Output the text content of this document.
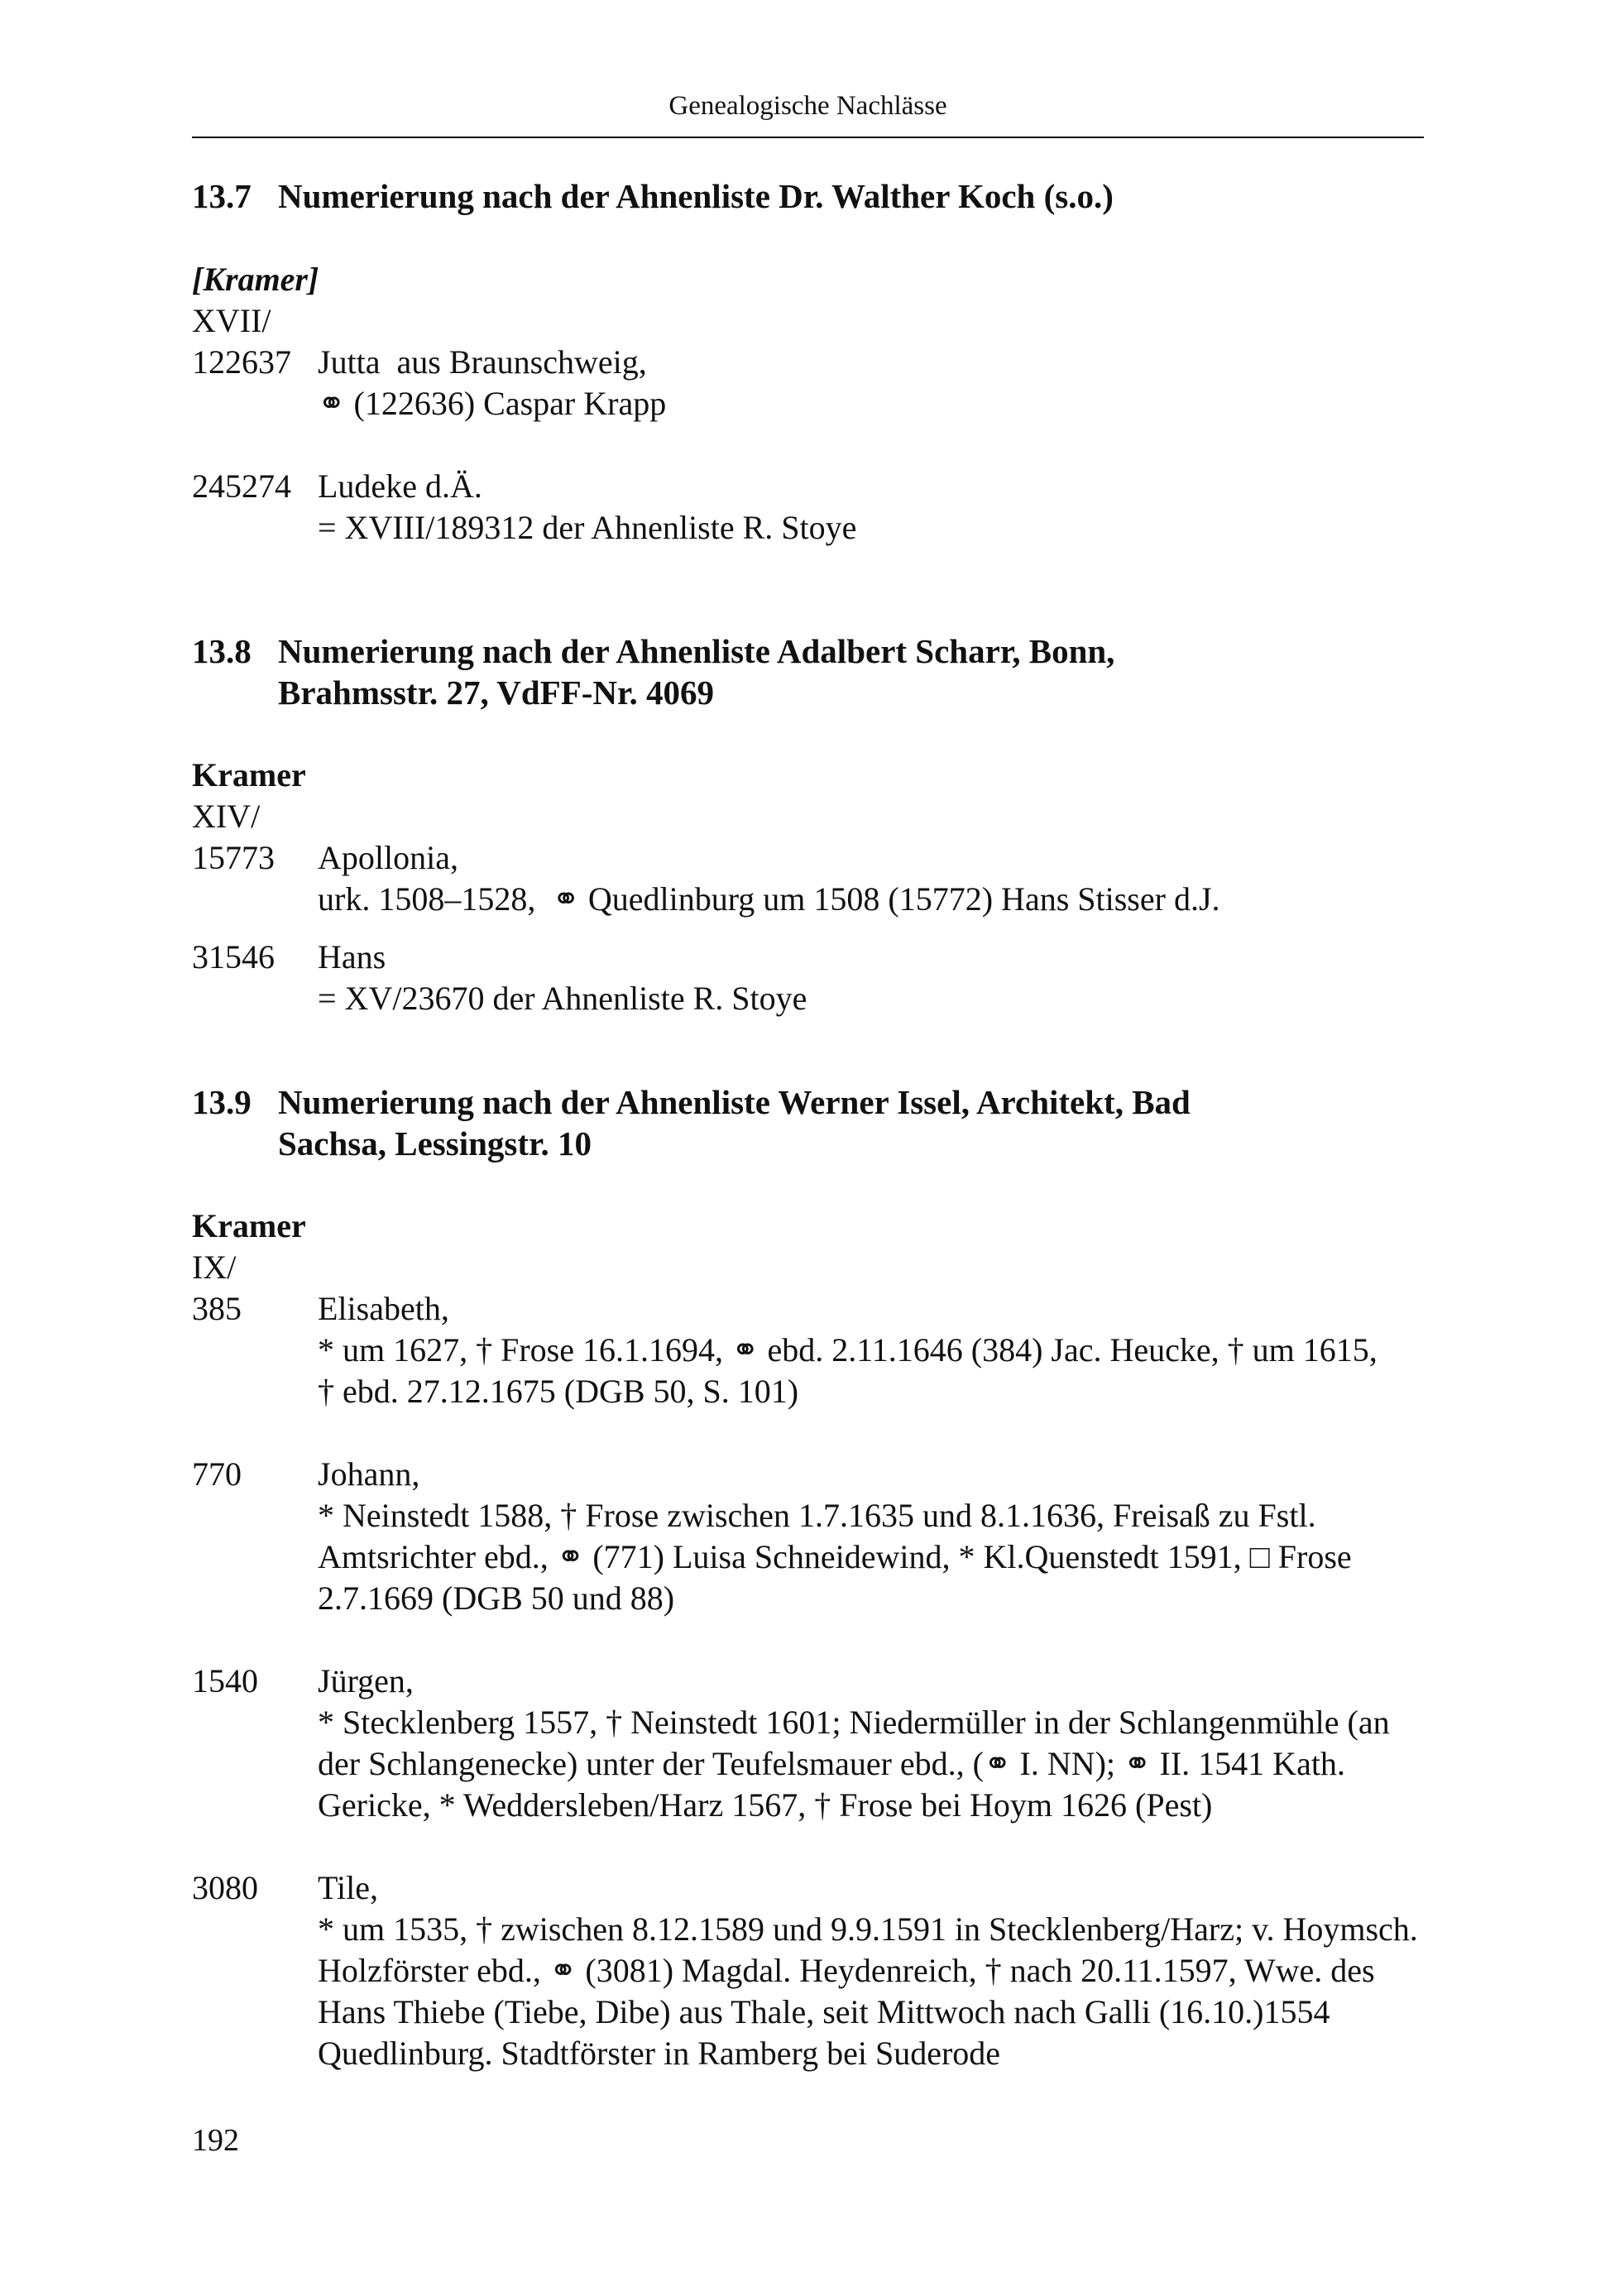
Genealogische Nachlässe
13.7 Numerierung nach der Ahnenliste Dr. Walther Koch (s.o.)
[Kramer]
XVII/
122637 Jutta  aus Braunschweig,
⚭ (122636) Caspar Krapp
245274 Ludeke d.Ä.
= XVIII/189312 der Ahnenliste R. Stoye
13.8 Numerierung nach der Ahnenliste Adalbert Scharr, Bonn,
Brahmsstr. 27, VdFF-Nr. 4069
Kramer
XIV/
15773	Apollonia,
urk. 1508–1528,  ⚭ Quedlinburg um 1508 (15772) Hans Stisser d.J.
31546	Hans
= XV/23670 der Ahnenliste R. Stoye
13.9 Numerierung nach der Ahnenliste Werner Issel, Architekt, Bad
Sachsa, Lessingstr. 10
Kramer
IX/
385	Elisabeth,
* um 1627, † Frose 16.1.1694, ⚭ ebd. 2.11.1646 (384) Jac. Heucke, † um 1615,
† ebd. 27.12.1675 (DGB 50, S. 101)
770	Johann,
* Neinstedt 1588, † Frose zwischen 1.7.1635 und 8.1.1636, Freisaß zu Fstl.
Amtsrichter ebd., ⚭ (771) Luisa Schneidewind, * Kl.Quenstedt 1591, □ Frose
2.7.1669 (DGB 50 und 88)
1540	Jürgen,
* Stecklenberg 1557, † Neinstedt 1601; Niedermüller in der Schlangenmühle (an
der Schlangenecke) unter der Teufelsmauer ebd., (⚭ I. NN); ⚭ II. 1541 Kath.
Gericke, * Weddersleben/Harz 1567, † Frose bei Hoym 1626 (Pest)
3080	Tile,
* um 1535, † zwischen 8.12.1589 und 9.9.1591 in Stecklenberg/Harz; v. Hoymsch.
Holzförster ebd., ⚭ (3081) Magdal. Heydenreich, † nach 20.11.1597, Wwe. des
Hans Thiebe (Tiebe, Dibe) aus Thale, seit Mittwoch nach Galli (16.10.)1554
Quedlinburg. Stadtförster in Ramberg bei Suderode
192
